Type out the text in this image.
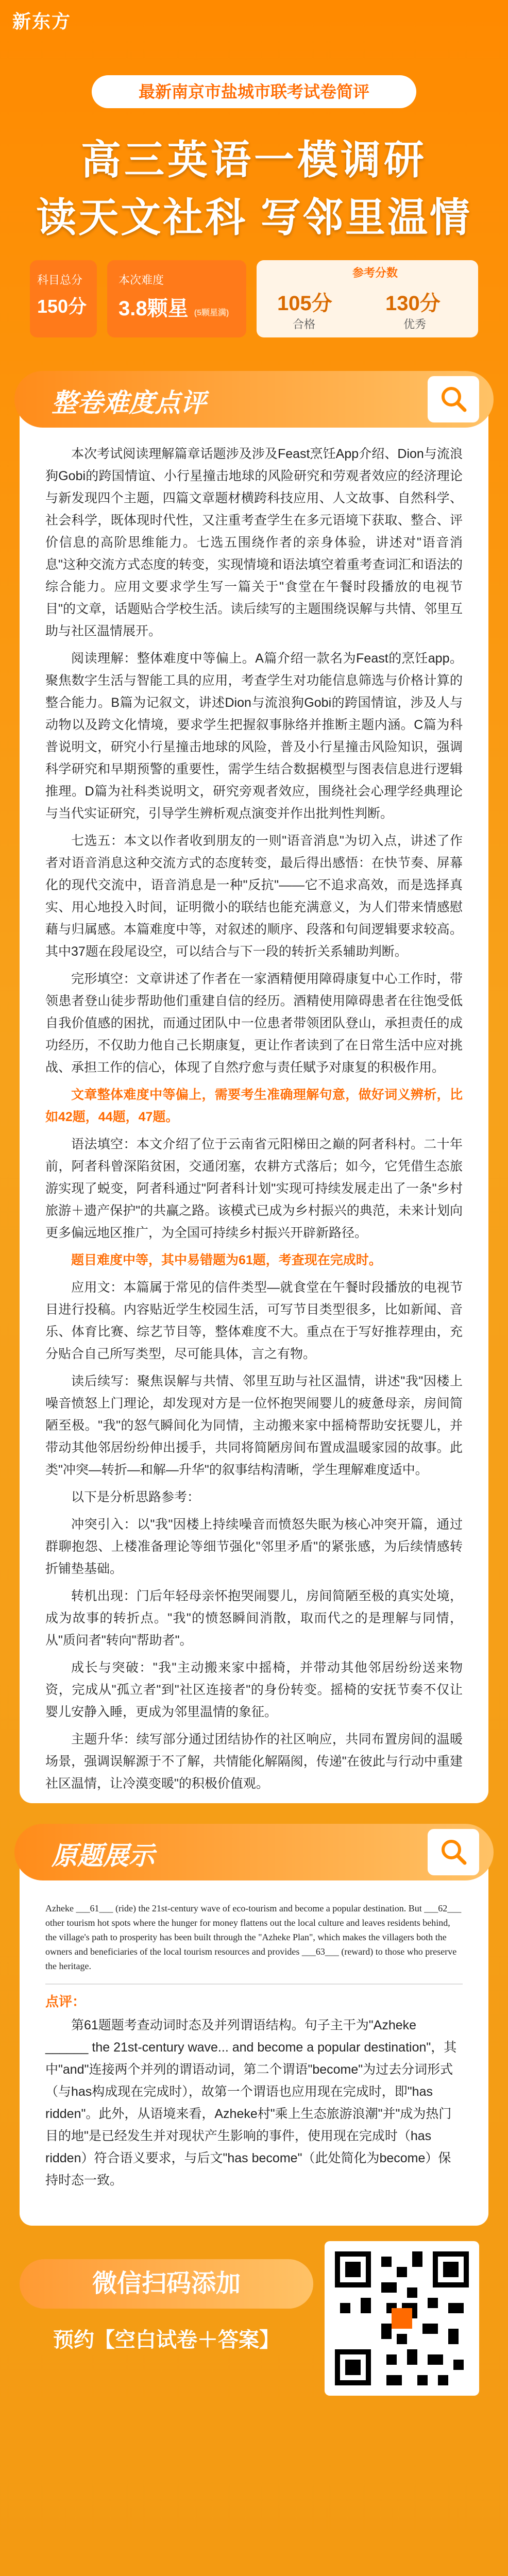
新东方
最新南京市盐城市联考试卷简评
高三英语一模调研
读天文社科 写邻里温情
科目总分
150分
本次难度
3.8颗星 (5颗星满)
参考分数
105分
合格
130分
优秀
整卷难度点评

本次考试阅读理解篇章话题涉及涉及Feast烹饪App介绍、Dion与流浪狗Gobi的跨国情谊、小行星撞击地球的风险研究和劳观者效应的经济理论与新发现四个主题，四篇文章题材横跨科技应用、人文故事、自然科学、社会科学，既体现时代性，又注重考查学生在多元语境下获取、整合、评价信息的高阶思维能力。七选五围绕作者的亲身体验，讲述对"语音消息"这种交流方式态度的转变，实现情境和语法填空着重考查词汇和语法的综合能力。应用文要求学生写一篇关于"食堂在午餐时段播放的电视节目"的文章，话题贴合学校生活。读后续写的主题围绕误解与共情、邻里互助与社区温情展开。

阅读理解：整体难度中等偏上。A篇介绍一款名为Feast的烹饪app。聚焦数字生活与智能工具的应用，考查学生对功能信息筛选与价格计算的整合能力。B篇为记叙文，讲述Dion与流浪狗Gobi的跨国情谊，涉及人与动物以及跨文化情境，要求学生把握叙事脉络并推断主题内涵。C篇为科普说明文，研究小行星撞击地球的风险，普及小行星撞击风险知识，强调科学研究和早期预警的重要性，需学生结合数据模型与图表信息进行逻辑推理。D篇为社科类说明文，研究旁观者效应，围绕社会心理学经典理论与当代实证研究，引导学生辨析观点演变并作出批判性判断。

七选五：本文以作者收到朋友的一则"语音消息"为切入点，讲述了作者对语音消息这种交流方式的态度转变，最后得出感悟：在快节奏、屏幕化的现代交流中，语音消息是一种"反抗"——它不追求高效，而是选择真实、用心地投入时间，证明微小的联结也能充满意义，为人们带来情感慰藉与归属感。本篇难度中等，对叙述的顺序、段落和句间逻辑要求较高。其中37题在段尾设空，可以结合与下一段的转折关系辅助判断。

完形填空：文章讲述了作者在一家酒精便用障碍康复中心工作时，带领患者登山徒步帮助他们重建自信的经历。酒精使用障碍患者在往饱受低自我价值感的困扰，而通过团队中一位患者带领团队登山，承担责任的成功经历，不仅助力他自己长期康复，更让作者读到了在日常生活中应对挑战、承担工作的信心，体现了自然疗愈与责任赋予对康复的积极作用。

文章整体难度中等偏上，需要考生准确理解句意，做好词义辨析，比如42题，44题，47题。

语法填空：本文介绍了位于云南省元阳梯田之巅的阿者科村。二十年前，阿者科曾深陷贫困，交通闭塞，农耕方式落后；如今，它凭借生态旅游实现了蜕变，阿者科通过"阿者科计划"实现可持续发展走出了一条"乡村旅游＋遗产保护"的共赢之路。该模式已成为乡村振兴的典范，未来计划向更多偏远地区推广，为全国可持续乡村振兴开辟新路径。

题目难度中等，其中易错题为61题，考查现在完成时。

应用文：本篇属于常见的信件类型—就食堂在午餐时段播放的电视节目进行投稿。内容贴近学生校园生活，可写节目类型很多，比如新闻、音乐、体育比赛、综艺节目等，整体难度不大。重点在于写好推荐理由，充分贴合自己所写类型，尽可能具体，言之有物。

读后续写：聚焦误解与共情、邻里互助与社区温情，讲述"我"因楼上噪音愤怒上门理论，却发现对方是一位怀抱哭闹婴儿的疲惫母亲，房间简陋至极。"我"的怒气瞬间化为同情，主动搬来家中摇椅帮助安抚婴儿，并带动其他邻居纷纷伸出援手，共同将简陋房间布置成温暖家园的故事。此类"冲突—转折—和解—升华"的叙事结构清晰，学生理解难度适中。

以下是分析思路参考：

冲突引入：以"我"因楼上持续噪音而愤怒失眠为核心冲突开篇，通过群聊抱怨、上楼准备理论等细节强化"邻里矛盾"的紧张感，为后续情感转折铺垫基础。

转机出现：门后年轻母亲怀抱哭闹婴儿，房间简陋至极的真实处境，成为故事的转折点。"我"的愤怒瞬间消散，取而代之的是理解与同情，从"质问者"转向"帮助者"。

成长与突破："我"主动搬来家中摇椅，并带动其他邻居纷纷送来物资，完成从"孤立者"到"社区连接者"的身份转变。摇椅的安抚节奏不仅让婴儿安静入睡，更成为邻里温情的象征。

主题升华：续写部分通过团结协作的社区响应，共同布置房间的温暖场景，强调误解源于不了解，共情能化解隔阂，传递"在彼此与行动中重建社区温情，让冷漠变暖"的积极价值观。

原题展示
Azheke ___61___ (ride) the 21st-century wave of eco-tourism and become a popular destination. But ___62___ other tourism hot spots where the hunger for money flattens out the local culture and leaves residents behind, the village's path to prosperity has been built through the "Azheke Plan", which makes the villagers both the owners and beneficiaries of the local tourism resources and provides ___63___ (reward) to those who preserve the heritage.
点评：

第61题题考查动词时态及并列谓语结构。句子主干为"Azheke ______ the 21st-century wave... and become a popular destination"，其中"and"连接两个并列的谓语动词，第二个谓语"become"为过去分词形式（与has构成现在完成时），故第一个谓语也应用现在完成时，即"has ridden"。此外，从语境来看，Azheke村"乘上生态旅游浪潮"并"成为热门目的地"是已经发生并对现状产生影响的事件，使用现在完成时（has ridden）符合语义要求，与后文"has become"（此处简化为become）保持时态一致。

微信扫码添加
预约【空白试卷＋答案】
